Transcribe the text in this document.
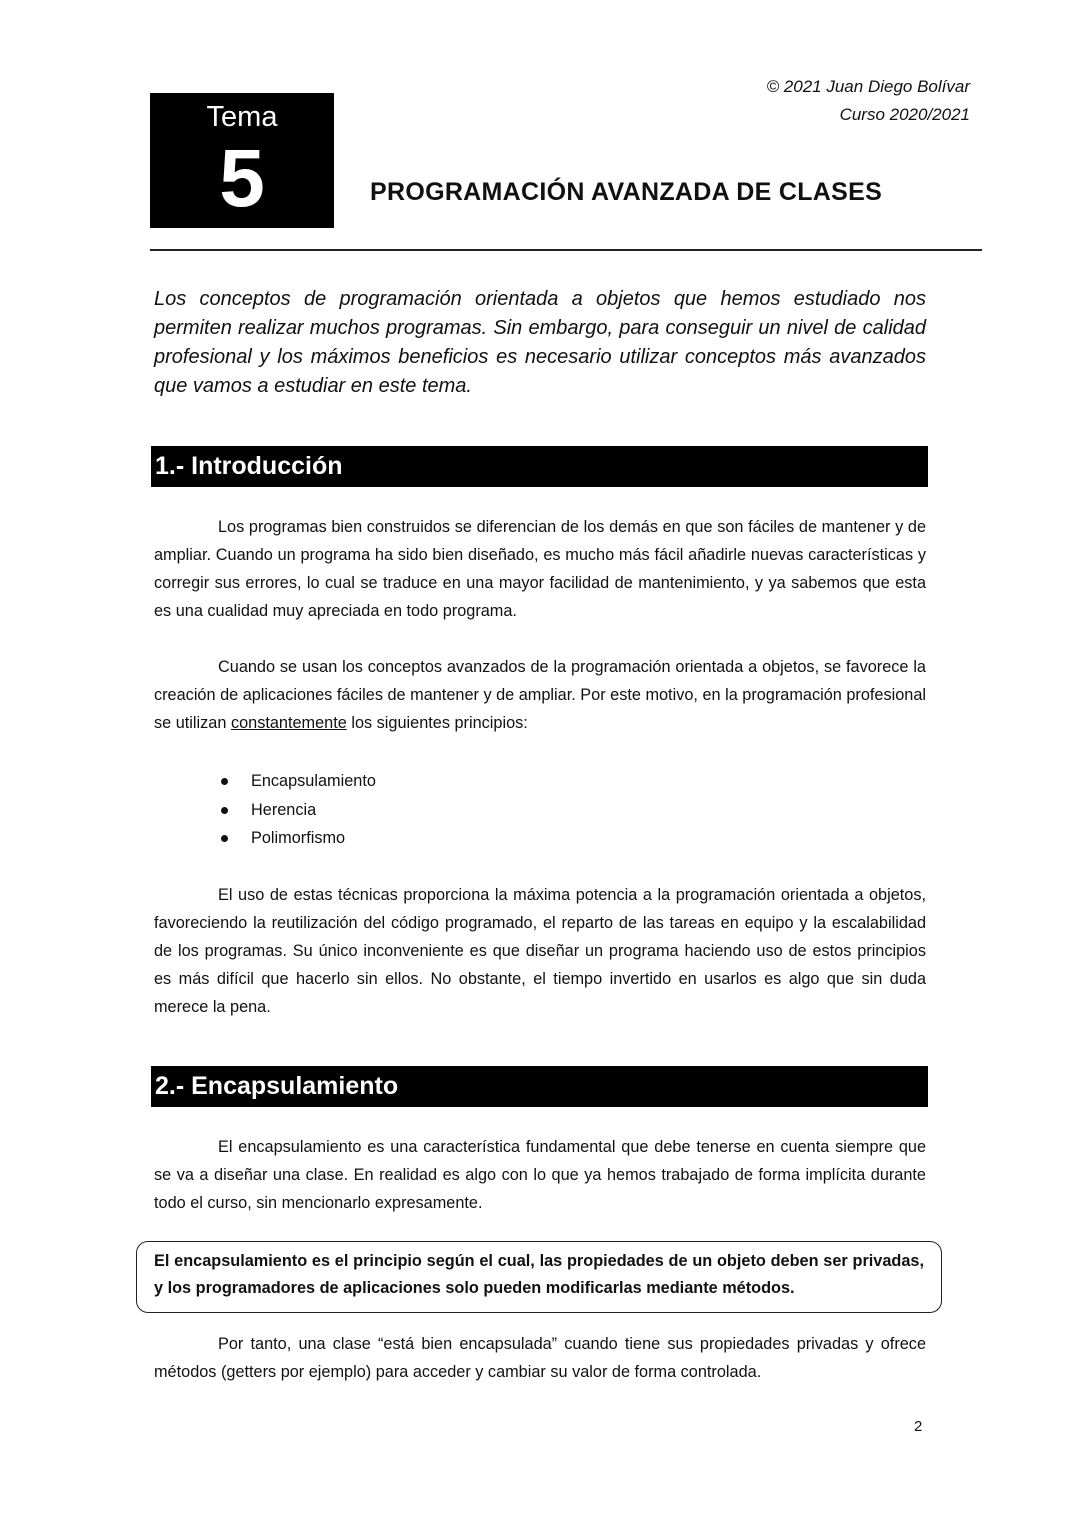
© 2021 Juan Diego Bolívar
Curso 2020/2021
Tema
5	PROGRAMACIÓN AVANZADA DE CLASES
Los conceptos de programación orientada a objetos que hemos estudiado nos permiten realizar muchos programas. Sin embargo, para conseguir un nivel de calidad profesional y los máximos beneficios es necesario utilizar conceptos más avanzados que vamos a estudiar en este tema.
1.- Introducción
Los programas bien construidos se diferencian de los demás en que son fáciles de mantener y de ampliar. Cuando un programa ha sido bien diseñado, es mucho más fácil añadirle nuevas características y corregir sus errores, lo cual se traduce en una mayor facilidad de mantenimiento, y ya sabemos que esta es una cualidad muy apreciada en todo programa.
Cuando se usan los conceptos avanzados de la programación orientada a objetos, se favorece la creación de aplicaciones fáciles de mantener y de ampliar. Por este motivo, en la programación profesional se utilizan constantemente los siguientes principios:
Encapsulamiento
Herencia
Polimorfismo
El uso de estas técnicas proporciona la máxima potencia a la programación orientada a objetos, favoreciendo la reutilización del código programado, el reparto de las tareas en equipo y la escalabilidad de los programas. Su único inconveniente es que diseñar un programa haciendo uso de estos principios es más difícil que hacerlo sin ellos. No obstante, el tiempo invertido en usarlos es algo que sin duda merece la pena.
2.- Encapsulamiento
El encapsulamiento es una característica fundamental que debe tenerse en cuenta siempre que se va a diseñar una clase. En realidad es algo con lo que ya hemos trabajado de forma implícita durante todo el curso, sin mencionarlo expresamente.
El encapsulamiento es el principio según el cual, las propiedades de un objeto deben ser privadas, y los programadores de aplicaciones solo pueden modificarlas mediante métodos.
Por tanto, una clase “está bien encapsulada” cuando tiene sus propiedades privadas y ofrece métodos (getters por ejemplo) para acceder y cambiar su valor de forma controlada.
2
